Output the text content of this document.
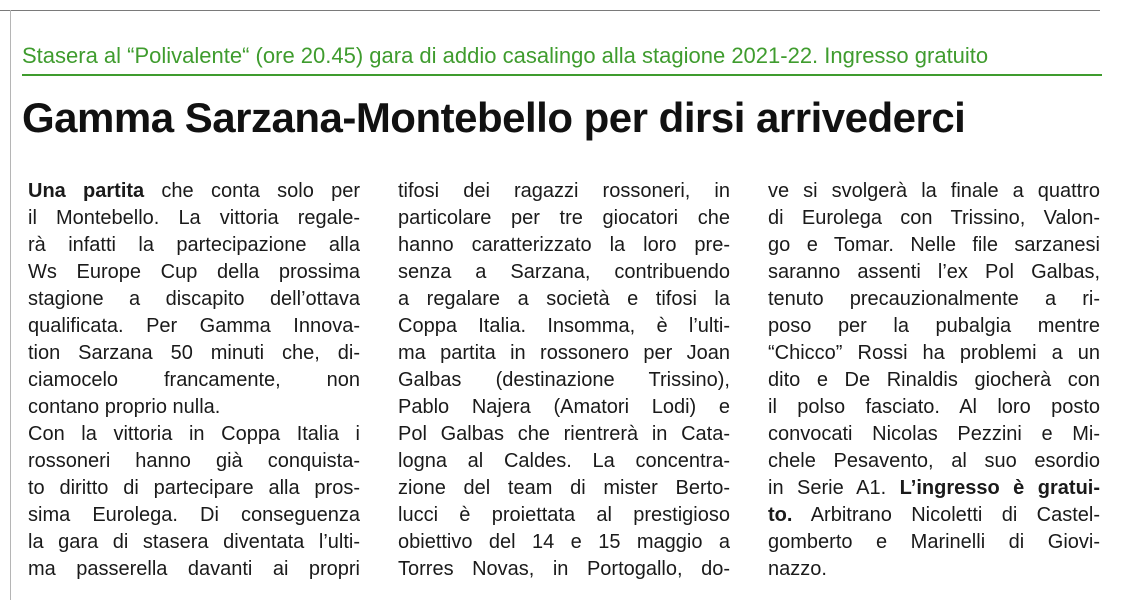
Stasera al “Polivalente“ (ore 20.45) gara di addio casalingo alla stagione 2021-22. Ingresso gratuito
Gamma Sarzana-Montebello per dirsi arrivederci
Una partita che conta solo per
il Montebello. La vittoria regale-
rà infatti la partecipazione alla
Ws Europe Cup della prossima
stagione a discapito dell’ottava
qualificata. Per Gamma Innova-
tion Sarzana 50 minuti che, di-
ciamocelo francamente, non
contano proprio nulla.
Con la vittoria in Coppa Italia i
rossoneri hanno già conquista-
to diritto di partecipare alla pros-
sima Eurolega. Di conseguenza
la gara di stasera diventata l’ulti-
ma passerella davanti ai propri
tifosi dei ragazzi rossoneri, in
particolare per tre giocatori che
hanno caratterizzato la loro pre-
senza a Sarzana, contribuendo
a regalare a società e tifosi la
Coppa Italia. Insomma, è l’ulti-
ma partita in rossonero per Joan
Galbas (destinazione Trissino),
Pablo Najera (Amatori Lodi) e
Pol Galbas che rientrerà in Cata-
logna al Caldes. La concentra-
zione del team di mister Berto-
lucci è proiettata al prestigioso
obiettivo del 14 e 15 maggio a
Torres Novas, in Portogallo, do-
ve si svolgerà la finale a quattro
di Eurolega con Trissino, Valon-
go e Tomar. Nelle file sarzanesi
saranno assenti l’ex Pol Galbas,
tenuto precauzionalmente a ri-
poso per la pubalgia mentre
“Chicco” Rossi ha problemi a un
dito e De Rinaldis giocherà con
il polso fasciato. Al loro posto
convocati Nicolas Pezzini e Mi-
chele Pesavento, al suo esordio
in Serie A1. L’ingresso è gratui-
to. Arbitrano Nicoletti di Castel-
gomberto e Marinelli di Giovi-
nazzo.
